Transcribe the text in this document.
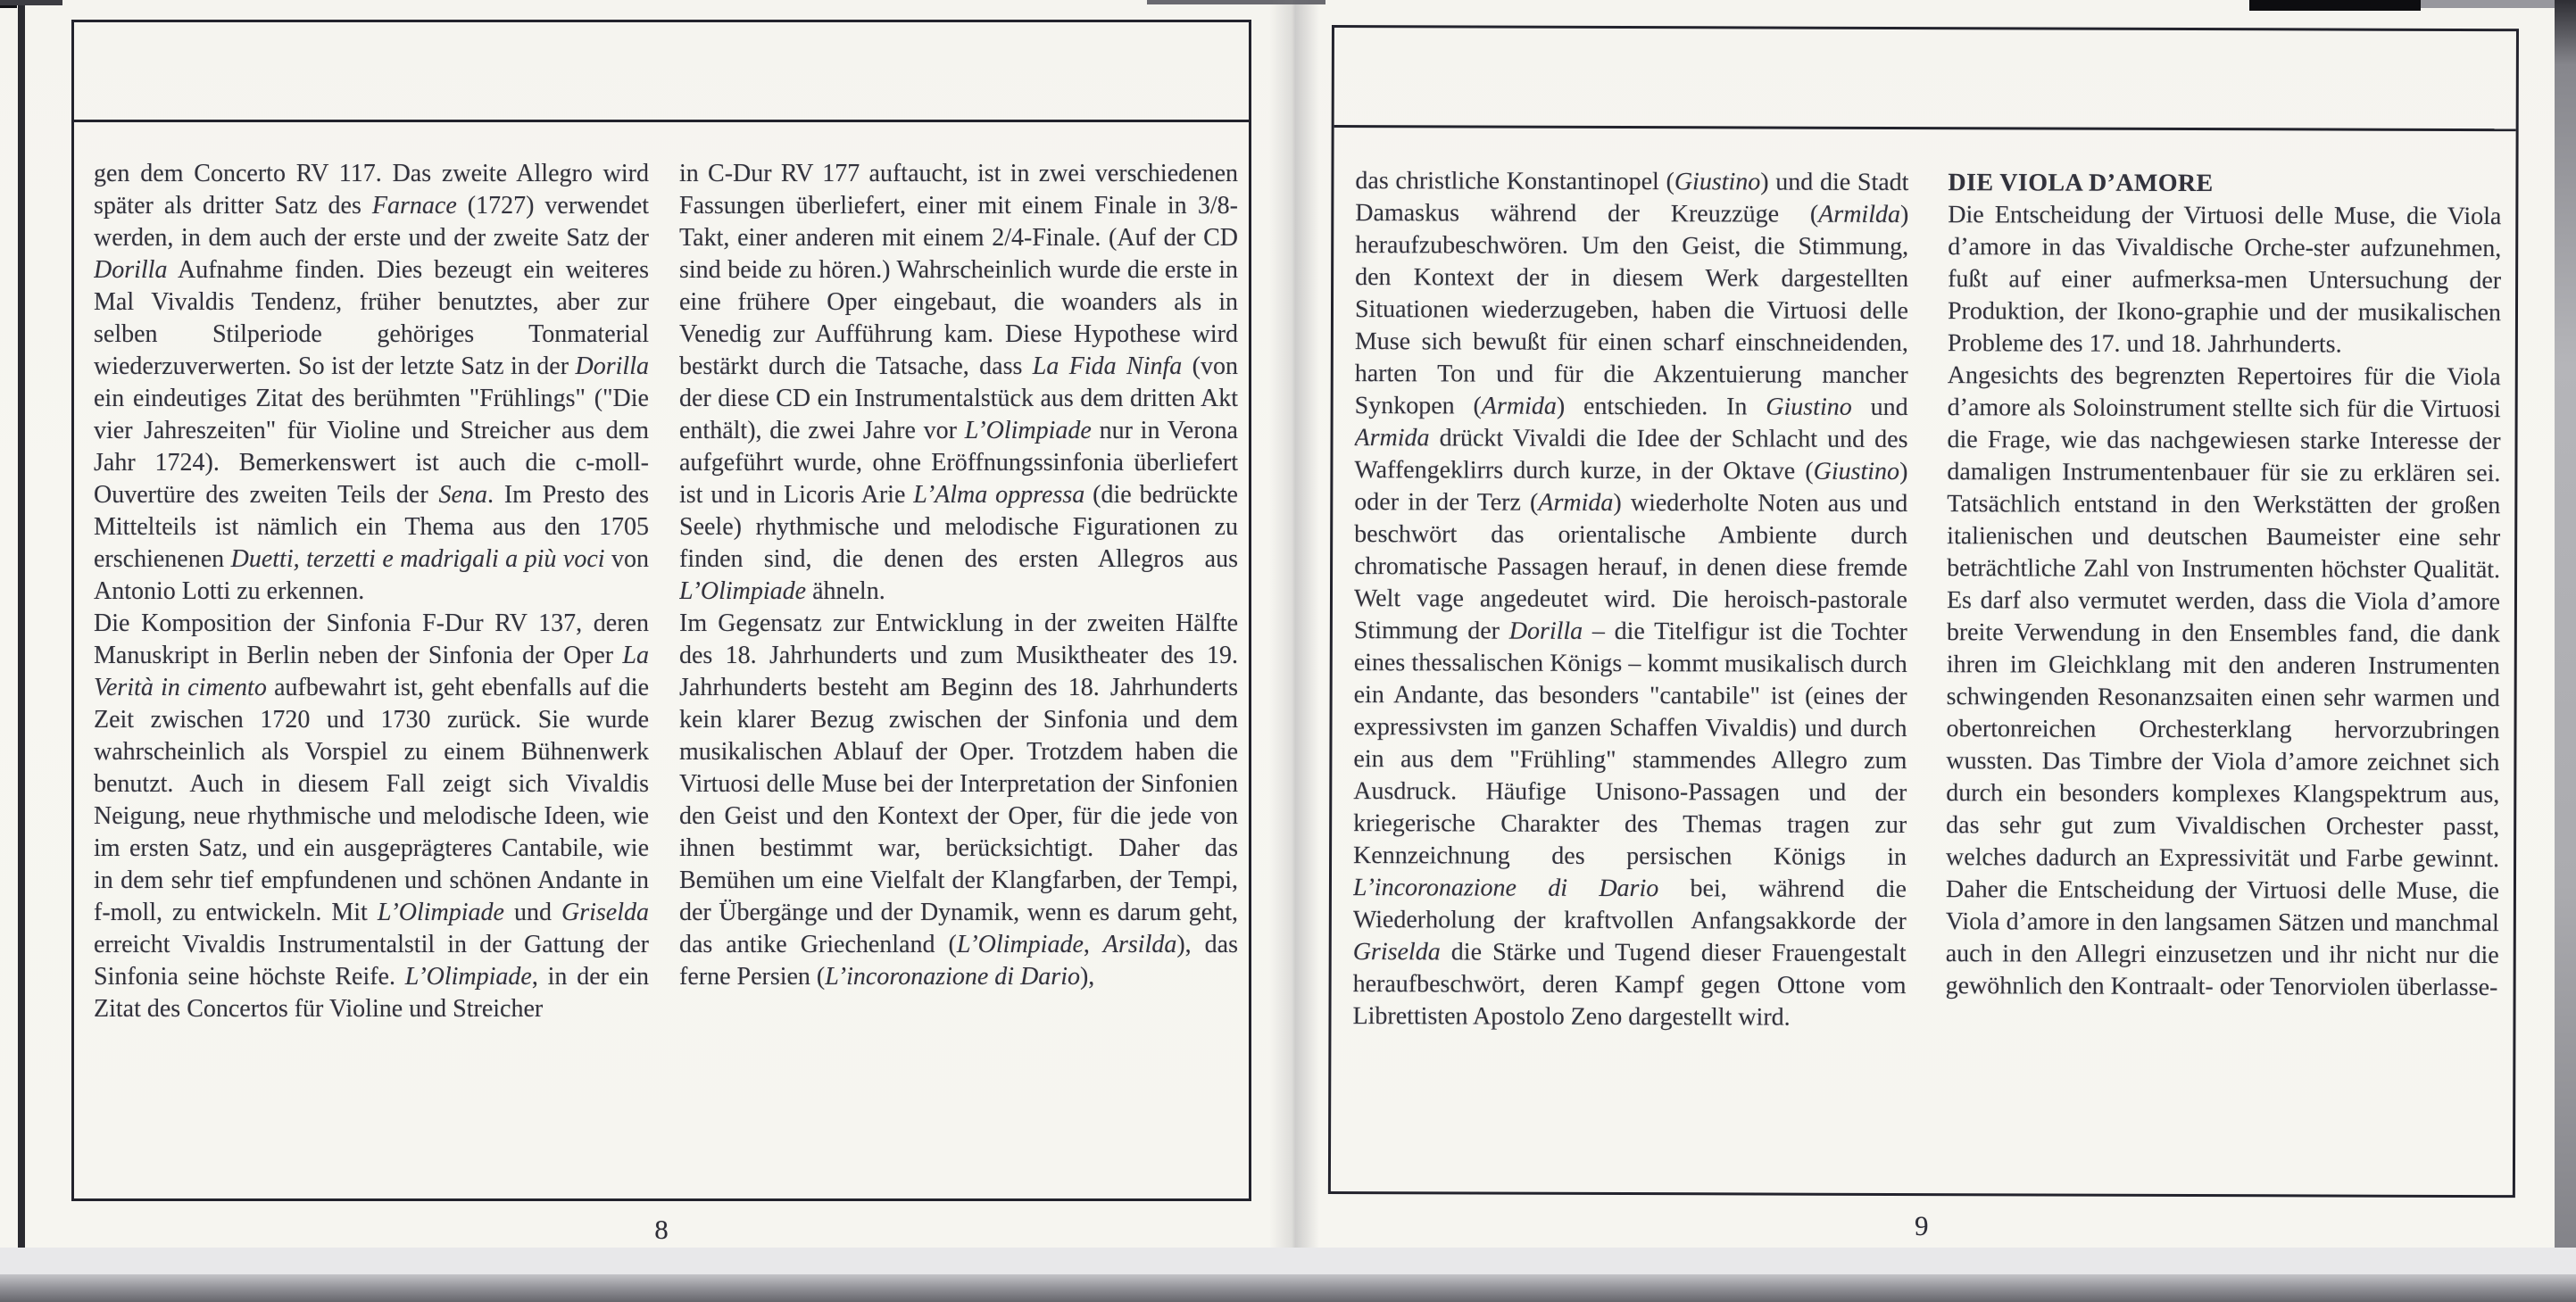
gen dem Concerto RV 117. Das zweite Allegro wird später als dritter Satz des Farnace (1727) verwendet werden, in dem auch der erste und der zweite Satz der Dorilla Aufnahme finden. Dies bezeugt ein weiteres Mal Vivaldis Tendenz, früher benutztes, aber zur selben Stilperiode gehöriges Tonmaterial wiederzuverwerten. So ist der letzte Satz in der Dorilla ein eindeutiges Zitat des berühmten "Frühlings" ("Die vier Jahreszeiten" für Violine und Streicher aus dem Jahr 1724). Bemerkenswert ist auch die c-moll-Ouvertüre des zweiten Teils der Sena. Im Presto des Mittelteils ist nämlich ein Thema aus den 1705 erschienenen Duetti, terzetti e madrigali a più voci von Antonio Lotti zu erkennen.

Die Komposition der Sinfonia F-Dur RV 137, deren Manuskript in Berlin neben der Sinfonia der Oper La Verità in cimento aufbewahrt ist, geht ebenfalls auf die Zeit zwischen 1720 und 1730 zurück. Sie wurde wahrscheinlich als Vorspiel zu einem Bühnenwerk benutzt. Auch in diesem Fall zeigt sich Vivaldis Neigung, neue rhythmische und melodische Ideen, wie im ersten Satz, und ein ausgeprägteres Cantabile, wie in dem sehr tief empfundenen und schönen Andante in f-moll, zu entwickeln. Mit L’Olimpiade und Griselda erreicht Vivaldis Instrumentalstil in der Gattung der Sinfonia seine höchste Reife. L’Olimpiade, in der ein Zitat des Concertos für Violine und Streicher

in C-Dur RV 177 auftaucht, ist in zwei verschiedenen Fassungen überliefert, einer mit einem Finale in 3/8-Takt, einer anderen mit einem 2/4-Finale. (Auf der CD sind beide zu hören.) Wahrscheinlich wurde die erste in eine frühere Oper eingebaut, die woanders als in Venedig zur Aufführung kam. Diese Hypothese wird bestärkt durch die Tatsache, dass La Fida Ninfa (von der diese CD ein Instrumentalstück aus dem dritten Akt enthält), die zwei Jahre vor L’Olimpiade nur in Verona aufgeführt wurde, ohne Eröffnungssinfonia überliefert ist und in Licoris Arie L’Alma oppressa (die bedrückte Seele) rhythmische und melodische Figurationen zu finden sind, die denen des ersten Allegros aus L’Olimpiade ähneln.

Im Gegensatz zur Entwicklung in der zweiten Hälfte des 18. Jahrhunderts und zum Musiktheater des 19. Jahrhunderts besteht am Beginn des 18. Jahrhunderts kein klarer Bezug zwischen der Sinfonia und dem musikalischen Ablauf der Oper. Trotzdem haben die Virtuosi delle Muse bei der Interpretation der Sinfonien den Geist und den Kontext der Oper, für die jede von ihnen bestimmt war, berücksichtigt. Daher das Bemühen um eine Vielfalt der Klangfarben, der Tempi, der Übergänge und der Dynamik, wenn es darum geht, das antike Griechenland (L’Olimpiade, Arsilda), das ferne Persien (L’incoronazione di Dario),

8

das christliche Konstantinopel (Giustino) und die Stadt Damaskus während der Kreuzzüge (Armilda) heraufzubeschwören. Um den Geist, die Stimmung, den Kontext der in diesem Werk dargestellten Situationen wiederzugeben, haben die Virtuosi delle Muse sich bewußt für einen scharf einschneidenden, harten Ton und für die Akzentuierung mancher Synkopen (Armida) entschieden. In Giustino und Armida drückt Vivaldi die Idee der Schlacht und des Waffengeklirrs durch kurze, in der Oktave (Giustino) oder in der Terz (Armida) wiederholte Noten aus und beschwört das orientalische Ambiente durch chromatische Passagen herauf, in denen diese fremde Welt vage angedeutet wird. Die heroisch-pastorale Stimmung der Dorilla – die Titelfigur ist die Tochter eines thessalischen Königs – kommt musikalisch durch ein Andante, das besonders "cantabile" ist (eines der expressivsten im ganzen Schaffen Vivaldis) und durch ein aus dem "Frühling" stammendes Allegro zum Ausdruck. Häufige Unisono-Passagen und der kriegerische Charakter des Themas tragen zur Kennzeichnung des persischen Königs in L’incoronazione di Dario bei, während die Wiederholung der kraftvollen Anfangsakkorde der Griselda die Stärke und Tugend dieser Frauengestalt heraufbeschwört, deren Kampf gegen Ottone vom Librettisten Apostolo Zeno dargestellt wird.

DIE VIOLA D’AMORE

Die Entscheidung der Virtuosi delle Muse, die Viola d’amore in das Vivaldische Orche-ster aufzunehmen, fußt auf einer aufmerksa-men Untersuchung der Produktion, der Ikono-graphie und der musikalischen Probleme des 17. und 18. Jahrhunderts.

Angesichts des begrenzten Repertoires für die Viola d’amore als Soloinstrument stellte sich für die Virtuosi die Frage, wie das nachgewiesen starke Interesse der damaligen Instrumentenbauer für sie zu erklären sei. Tatsächlich entstand in den Werkstätten der großen italienischen und deutschen Baumeister eine sehr beträchtliche Zahl von Instrumenten höchster Qualität. Es darf also vermutet werden, dass die Viola d’amore breite Verwendung in den Ensembles fand, die dank ihren im Gleichklang mit den anderen Instrumenten schwingenden Resonanzsaiten einen sehr warmen und obertonreichen Orchesterklang hervorzubringen wussten. Das Timbre der Viola d’amore zeichnet sich durch ein besonders komplexes Klangspektrum aus, das sehr gut zum Vivaldischen Orchester passt, welches dadurch an Expressivität und Farbe gewinnt. Daher die Entscheidung der Virtuosi delle Muse, die Viola d’amore in den langsamen Sätzen und manchmal auch in den Allegri einzusetzen und ihr nicht nur die gewöhnlich den Kontraalt- oder Tenorviolen überlasse-

9
